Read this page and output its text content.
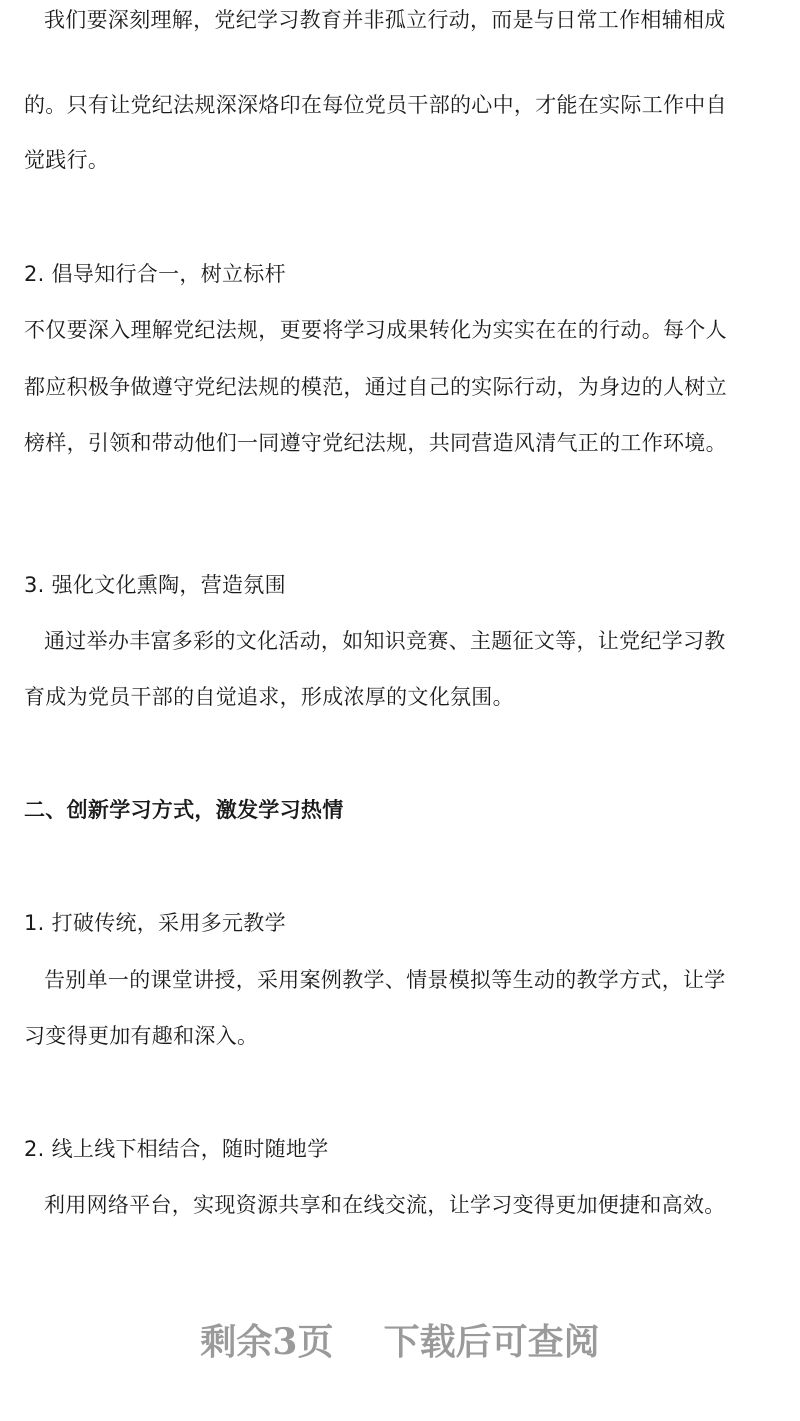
我们要深刻理解，党纪学习教育并非孤立行动，而是与日常工作相辅相成
的。只有让党纪法规深深烙印在每位党员干部的心中，才能在实际工作中自
觉践行。
2. 倡导知行合一，树立标杆
不仅要深入理解党纪法规，更要将学习成果转化为实实在在的行动。每个人
都应积极争做遵守党纪法规的模范，通过自己的实际行动，为身边的人树立
榜样，引领和带动他们一同遵守党纪法规，共同营造风清气正的工作环境。
3. 强化文化熏陶，营造氛围
通过举办丰富多彩的文化活动，如知识竞赛、主题征文等，让党纪学习教
育成为党员干部的自觉追求，形成浓厚的文化氛围。
二、创新学习方式，激发学习热情
1. 打破传统，采用多元教学
告别单一的课堂讲授，采用案例教学、情景模拟等生动的教学方式，让学
习变得更加有趣和深入。
2. 线上线下相结合，随时随地学
利用网络平台，实现资源共享和在线交流，让学习变得更加便捷和高效。
剩余3页    下载后可查阅
